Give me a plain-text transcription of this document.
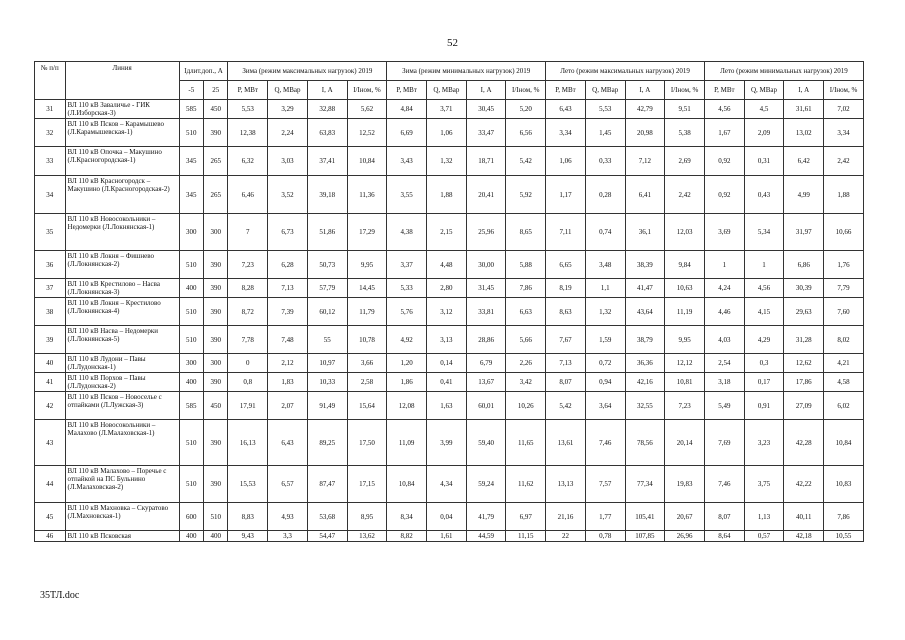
52
№ п/п	Линия	Iдлит.доп., А		Зима (режим максимальных нагрузок) 2019				Зима (режим минимальных нагрузок) 2019				Лето (режим максимальных нагрузок) 2019				Лето (режим минимальных нагрузок) 2019			
		-5	25	Р, МВт	Q, МВар	I, А	I/Iном, %	Р, МВт	Q, МВар	I, А	I/Iном, %	Р, МВт	Q, МВар	I, А	I/Iном, %	Р, МВт	Q, МВар	I, А	I/Iном, %
31	ВЛ 110 кВ Заваличье - ГИК (Л.Изборская-3)	585	450	5,53	3,29	32,88	5,62	4,84	3,71	30,45	5,20	6,43	5,53	42,79	9,51	4,56	4,5	31,61	7,02
32	ВЛ 110 кВ Псков – Карамышево (Л.Карамышевская-1)	510	390	12,38	2,24	63,83	12,52	6,69	1,06	33,47	6,56	3,34	1,45	20,98	5,38	1,67	2,09	13,02	3,34
33	ВЛ 110 кВ Опочка – Макушино (Л.Красногородская-1)	345	265	6,32	3,03	37,41	10,84	3,43	1,32	18,71	5,42	1,06	0,33	7,12	2,69	0,92	0,31	6,42	2,42
34	ВЛ 110 кВ Красногородск – Макушино (Л.Красногородская-2)	345	265	6,46	3,52	39,18	11,36	3,55	1,88	20,41	5,92	1,17	0,28	6,41	2,42	0,92	0,43	4,99	1,88
35	ВЛ 110 кВ Новосокольники – Недомерки (Л.Локнянская-1)	300	300	7	6,73	51,86	17,29	4,38	2,15	25,96	8,65	7,11	0,74	36,1	12,03	3,69	5,34	31,97	10,66
36	ВЛ 110 кВ Локня – Фишнево (Л.Локнянская-2)	510	390	7,23	6,28	50,73	9,95	3,37	4,48	30,00	5,88	6,65	3,48	38,39	9,84	1	1	6,86	1,76
37	ВЛ 110 кВ Крестилово – Насва (Л.Локнянская-3)	400	390	8,28	7,13	57,79	14,45	5,33	2,80	31,45	7,86	8,19	1,1	41,47	10,63	4,24	4,56	30,39	7,79
38	ВЛ 110 кВ Локня – Крестилово (Л.Локнянская-4)	510	390	8,72	7,39	60,12	11,79	5,76	3,12	33,81	6,63	8,63	1,32	43,64	11,19	4,46	4,15	29,63	7,60
39	ВЛ 110 кВ Насва – Недомерки (Л.Локнянская-5)	510	390	7,78	7,48	55	10,78	4,92	3,13	28,86	5,66	7,67	1,59	38,79	9,95	4,03	4,29	31,28	8,02
40	ВЛ 110 кВ Лудони – Павы (Л.Лудонская-1)	300	300	0	2,12	10,97	3,66	1,20	0,14	6,79	2,26	7,13	0,72	36,36	12,12	2,54	0,3	12,62	4,21
41	ВЛ 110 кВ Порхов – Павы (Л.Лудонская-2)	400	390	0,8	1,83	10,33	2,58	1,86	0,41	13,67	3,42	8,07	0,94	42,16	10,81	3,18	0,17	17,86	4,58
42	ВЛ 110 кВ Псков – Новоселье с отпайками (Л.Лужская-3)	585	450	17,91	2,07	91,49	15,64	12,08	1,63	60,01	10,26	5,42	3,64	32,55	7,23	5,49	0,91	27,09	6,02
43	ВЛ 110 кВ Новосокольники – Малахово (Л.Малаховская-1)	510	390	16,13	6,43	89,25	17,50	11,09	3,99	59,40	11,65	13,61	7,46	78,56	20,14	7,69	3,23	42,28	10,84
44	ВЛ 110 кВ Малахово – Поречье с отпайкой на ПС Бульнино (Л.Малаховская-2)	510	390	15,53	6,57	87,47	17,15	10,84	4,34	59,24	11,62	13,13	7,57	77,34	19,83	7,46	3,75	42,22	10,83
45	ВЛ 110 кВ Махновка – Скуратово (Л.Махновская-1)	600	510	8,83	4,93	53,68	8,95	8,34	0,04	41,79	6,97	21,16	1,77	105,41	20,67	8,07	1,13	40,11	7,86
46	ВЛ 110 кВ Псковская	400	400	9,43	3,3	54,47	13,62	8,82	1,61	44,59	11,15	22	0,78	107,85	26,96	8,64	0,57	42,18	10,55
35ТЛ.doc
